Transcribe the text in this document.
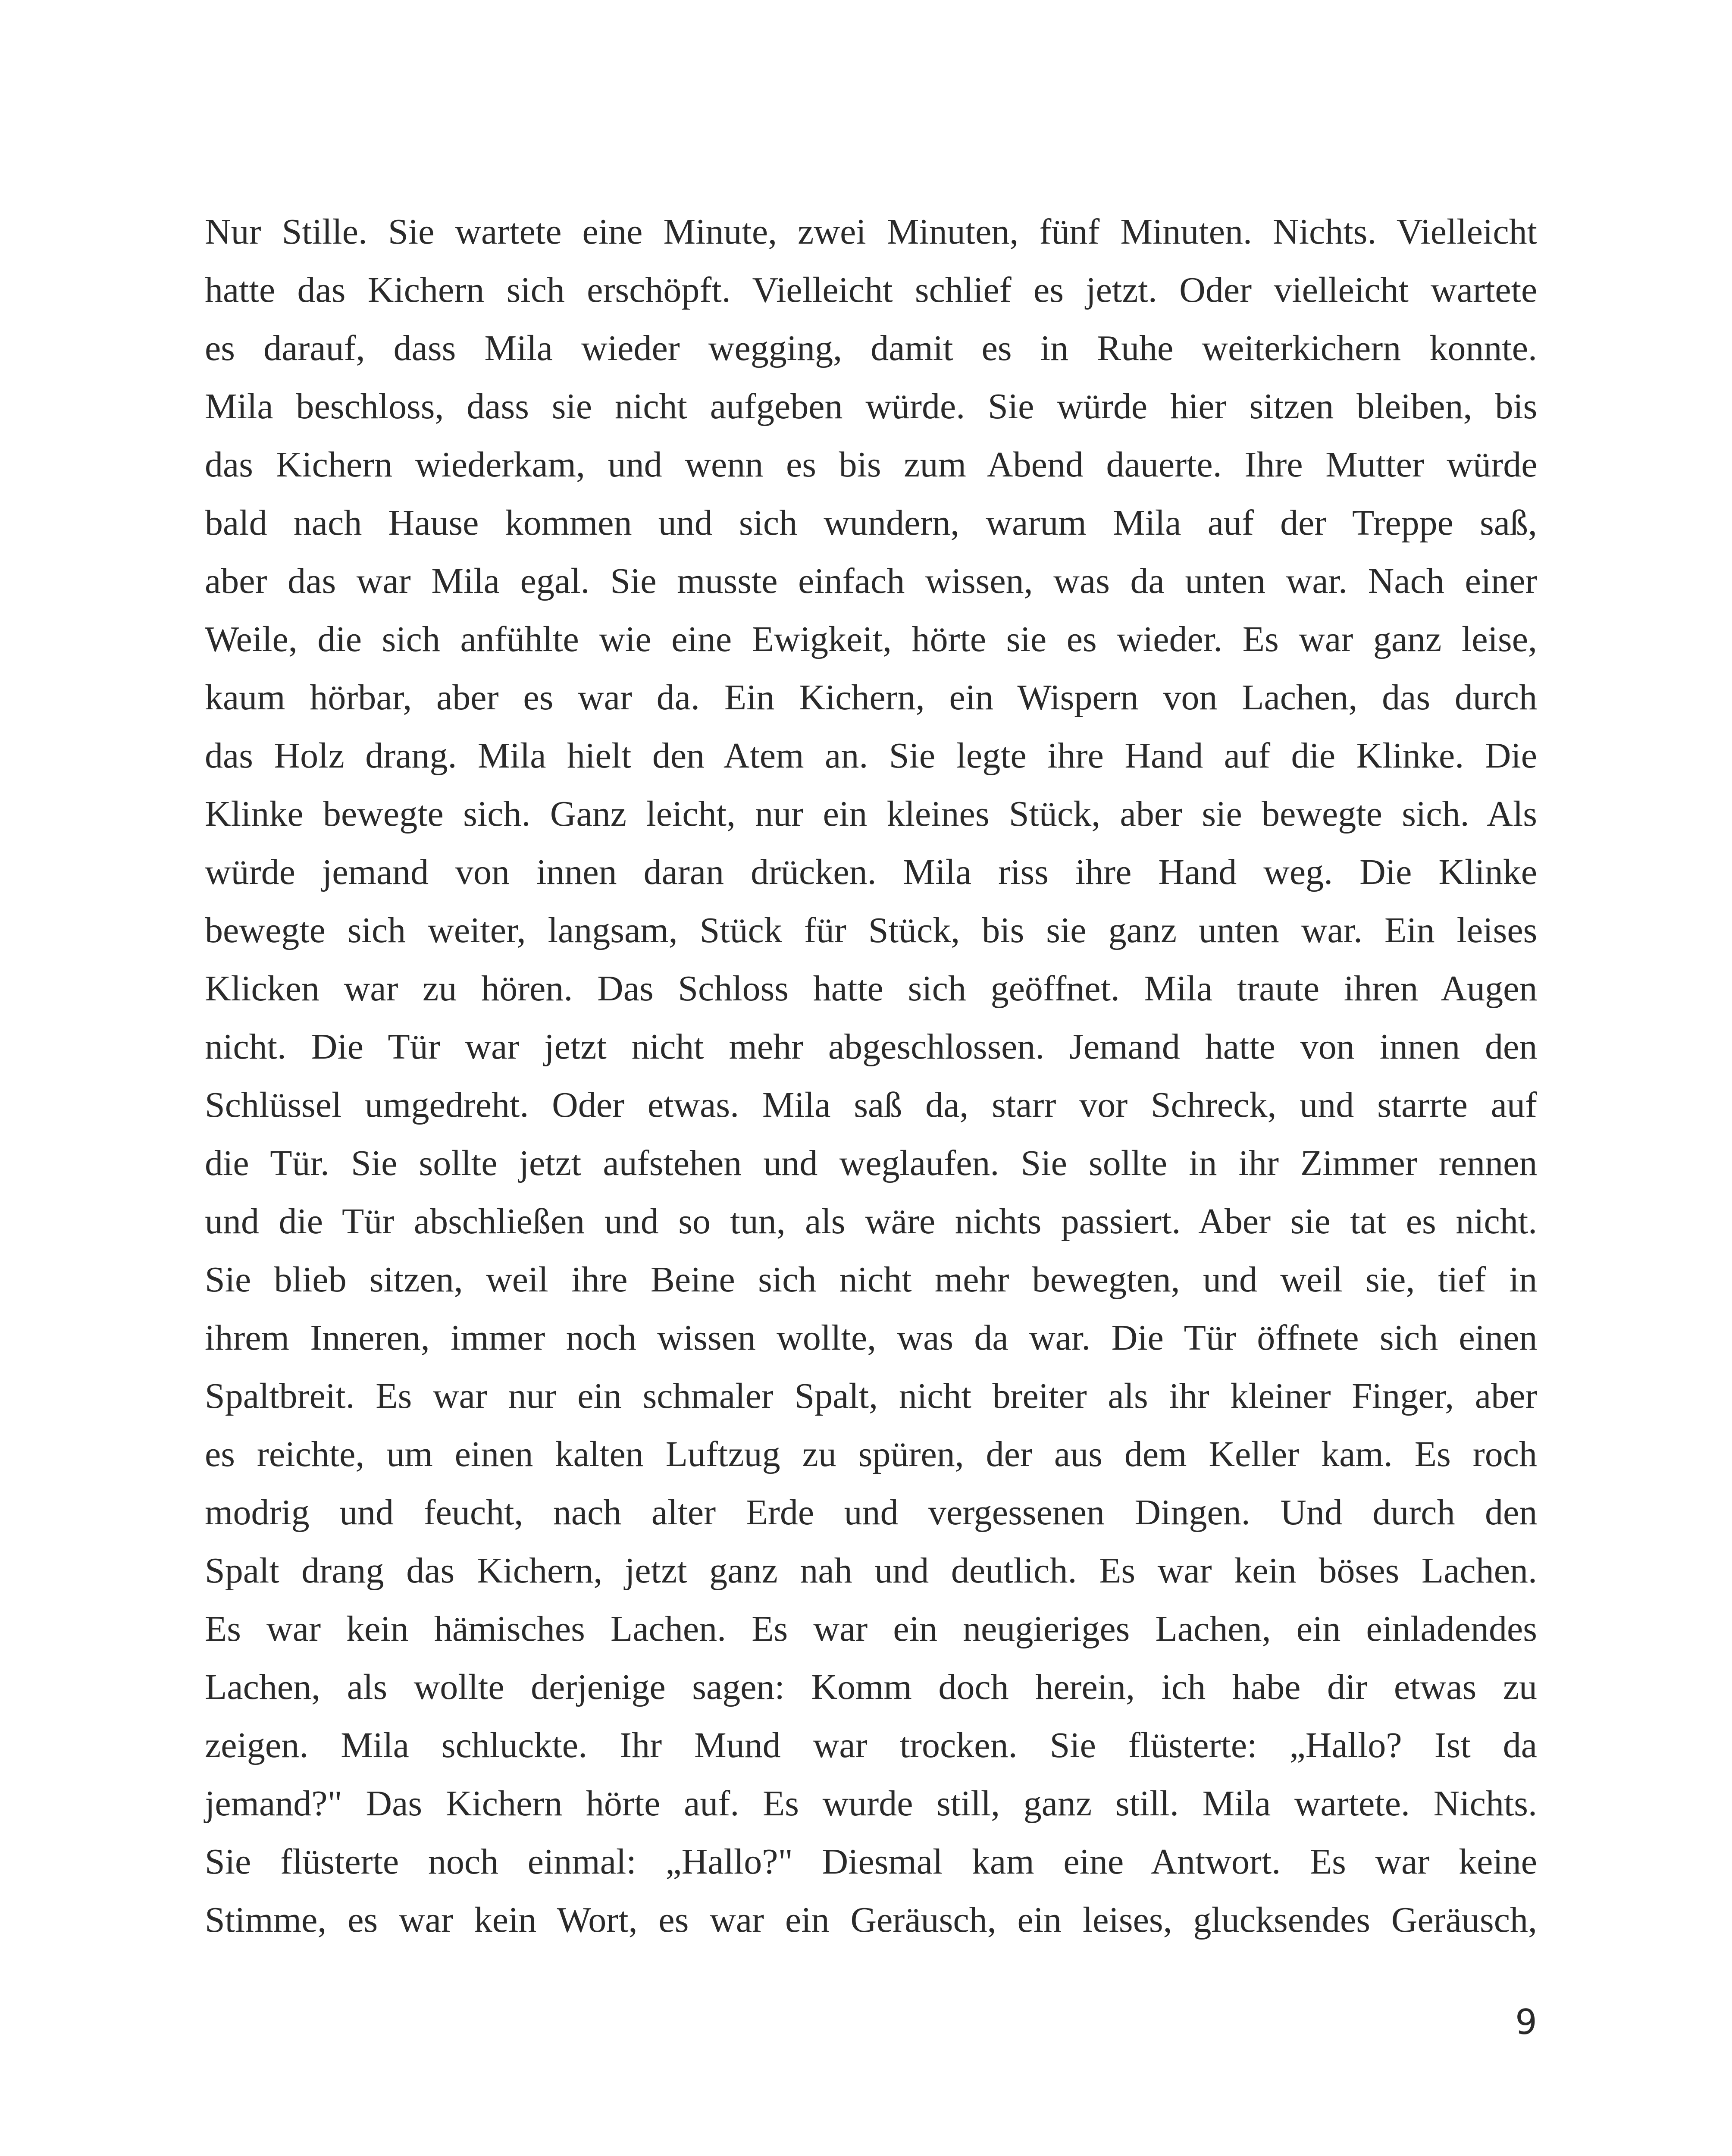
Nur Stille. Sie wartete eine Minute, zwei Minuten, fünf Minuten. Nichts. Vielleicht
hatte das Kichern sich erschöpft. Vielleicht schlief es jetzt. Oder vielleicht wartete
es darauf, dass Mila wieder wegging, damit es in Ruhe weiterkichern konnte.
Mila beschloss, dass sie nicht aufgeben würde. Sie würde hier sitzen bleiben, bis
das Kichern wiederkam, und wenn es bis zum Abend dauerte. Ihre Mutter würde
bald nach Hause kommen und sich wundern, warum Mila auf der Treppe saß,
aber das war Mila egal. Sie musste einfach wissen, was da unten war. Nach einer
Weile, die sich anfühlte wie eine Ewigkeit, hörte sie es wieder. Es war ganz leise,
kaum hörbar, aber es war da. Ein Kichern, ein Wispern von Lachen, das durch
das Holz drang. Mila hielt den Atem an. Sie legte ihre Hand auf die Klinke. Die
Klinke bewegte sich. Ganz leicht, nur ein kleines Stück, aber sie bewegte sich. Als
würde jemand von innen daran drücken. Mila riss ihre Hand weg. Die Klinke
bewegte sich weiter, langsam, Stück für Stück, bis sie ganz unten war. Ein leises
Klicken war zu hören. Das Schloss hatte sich geöffnet. Mila traute ihren Augen
nicht. Die Tür war jetzt nicht mehr abgeschlossen. Jemand hatte von innen den
Schlüssel umgedreht. Oder etwas. Mila saß da, starr vor Schreck, und starrte auf
die Tür. Sie sollte jetzt aufstehen und weglaufen. Sie sollte in ihr Zimmer rennen
und die Tür abschließen und so tun, als wäre nichts passiert. Aber sie tat es nicht.
Sie blieb sitzen, weil ihre Beine sich nicht mehr bewegten, und weil sie, tief in
ihrem Inneren, immer noch wissen wollte, was da war. Die Tür öffnete sich einen
Spaltbreit. Es war nur ein schmaler Spalt, nicht breiter als ihr kleiner Finger, aber
es reichte, um einen kalten Luftzug zu spüren, der aus dem Keller kam. Es roch
modrig und feucht, nach alter Erde und vergessenen Dingen. Und durch den
Spalt drang das Kichern, jetzt ganz nah und deutlich. Es war kein böses Lachen.
Es war kein hämisches Lachen. Es war ein neugieriges Lachen, ein einladendes
Lachen, als wollte derjenige sagen: Komm doch herein, ich habe dir etwas zu
zeigen. Mila schluckte. Ihr Mund war trocken. Sie flüsterte: „Hallo? Ist da
jemand?" Das Kichern hörte auf. Es wurde still, ganz still. Mila wartete. Nichts.
Sie flüsterte noch einmal: „Hallo?" Diesmal kam eine Antwort. Es war keine
Stimme, es war kein Wort, es war ein Geräusch, ein leises, glucksendes Geräusch,
9
